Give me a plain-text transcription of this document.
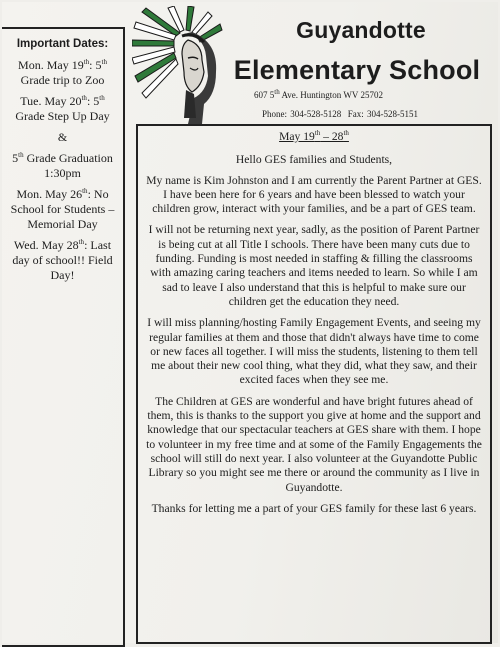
Important Dates:
Mon. May 19th: 5th Grade trip to Zoo
Tue. May 20th: 5th Grade Step Up Day
&
5th Grade Graduation 1:30pm
Mon. May 26th: No School for Students – Memorial Day
Wed. May 28th: Last day of school!! Field Day!
Guyandotte
Elementary School
607 5th Ave. Huntington WV 25702
Phone: 304-528-5128 Fax: 304-528-5151
May 19th – 28th

Hello GES families and Students,

My name is Kim Johnston and I am currently the Parent Partner at GES. I have been here for 6 years and have been blessed to watch your children grow, interact with your families, and be a part of GES team.

I will not be returning next year, sadly, as the position of Parent Partner is being cut at all Title I schools. There have been many cuts due to funding. Funding is most needed in staffing & filling the classrooms with amazing caring teachers and items needed to learn. So while I am sad to leave I also understand that this is helpful to make sure our children get the education they need.

I will miss planning/hosting Family Engagement Events, and seeing my regular families at them and those that didn't always have time to come or new faces all together. I will miss the students, listening to them tell me about their new cool thing, what they did, what they saw, and their excited faces when they see me.

The Children at GES are wonderful and have bright futures ahead of them, this is thanks to the support you give at home and the support and knowledge that our spectacular teachers at GES share with them. I hope to volunteer in my free time and at some of the Family Engagements the school will still do next year. I also volunteer at the Guyandotte Public Library so you might see me there or around the community as I live in Guyandotte.

Thanks for letting me a part of your GES family for these last 6 years.
